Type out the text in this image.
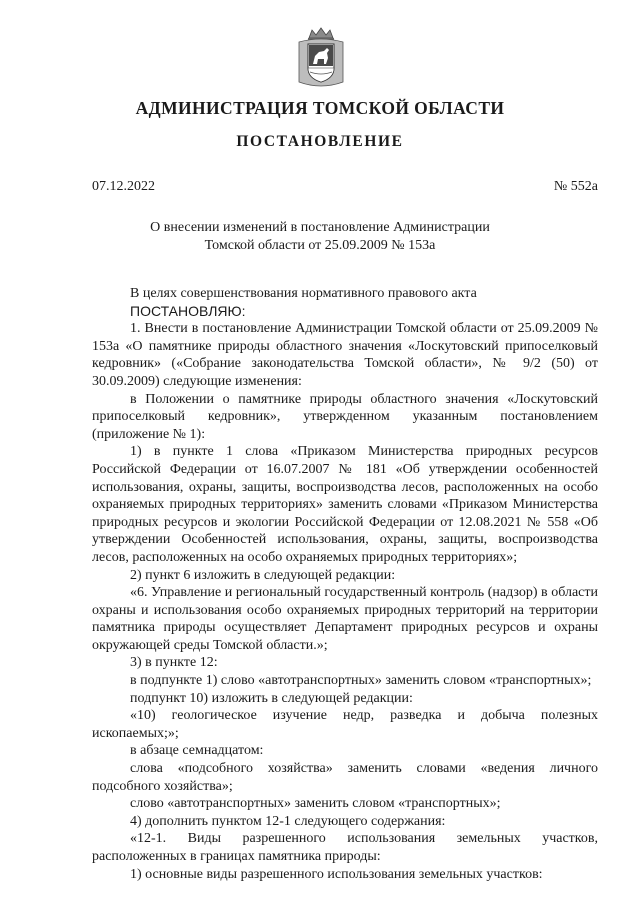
АДМИНИСТРАЦИЯ ТОМСКОЙ ОБЛАСТИ
ПОСТАНОВЛЕНИЕ
07.12.2022	№ 552а
О внесении изменений в постановление Администрации
Томской области от 25.09.2009 № 153а

В целях совершенствования нормативного правового акта

ПОСТАНОВЛЯЮ:

1. Внести в постановление Администрации Томской области от 25.09.2009 № 153а «О памятнике природы областного значения «Лоскутовский припоселковый кедровник» («Собрание законодательства Томской области», № 9/2 (50) от 30.09.2009) следующие изменения:

в Положении о памятнике природы областного значения «Лоскутовский припоселковый кедровник», утвержденном указанным постановлением (приложение № 1):

1) в пункте 1 слова «Приказом Министерства природных ресурсов Российской Федерации от 16.07.2007 № 181 «Об утверждении особенностей использования, охраны, защиты, воспроизводства лесов, расположенных на особо охраняемых природных территориях» заменить словами «Приказом Министерства природных ресурсов и экологии Российской Федерации от 12.08.2021 № 558 «Об утверждении Особенностей использования, охраны, защиты, воспроизводства лесов, расположенных на особо охраняемых природных территориях»;

2) пункт 6 изложить в следующей редакции:

«6. Управление и региональный государственный контроль (надзор) в области охраны и использования особо охраняемых природных территорий на территории памятника природы осуществляет Департамент природных ресурсов и охраны окружающей среды Томской области.»;

3) в пункте 12:

в подпункте 1) слово «автотранспортных» заменить словом «транспортных»;

подпункт 10) изложить в следующей редакции:

«10) геологическое изучение недр, разведка и добыча полезных ископаемых;»;

в абзаце семнадцатом:

слова «подсобного хозяйства» заменить словами «ведения личного подсобного хозяйства»;

слово «автотранспортных» заменить словом «транспортных»;

4) дополнить пунктом 12-1 следующего содержания:

«12-1. Виды разрешенного использования земельных участков, расположенных в границах памятника природы:

1) основные виды разрешенного использования земельных участков:
